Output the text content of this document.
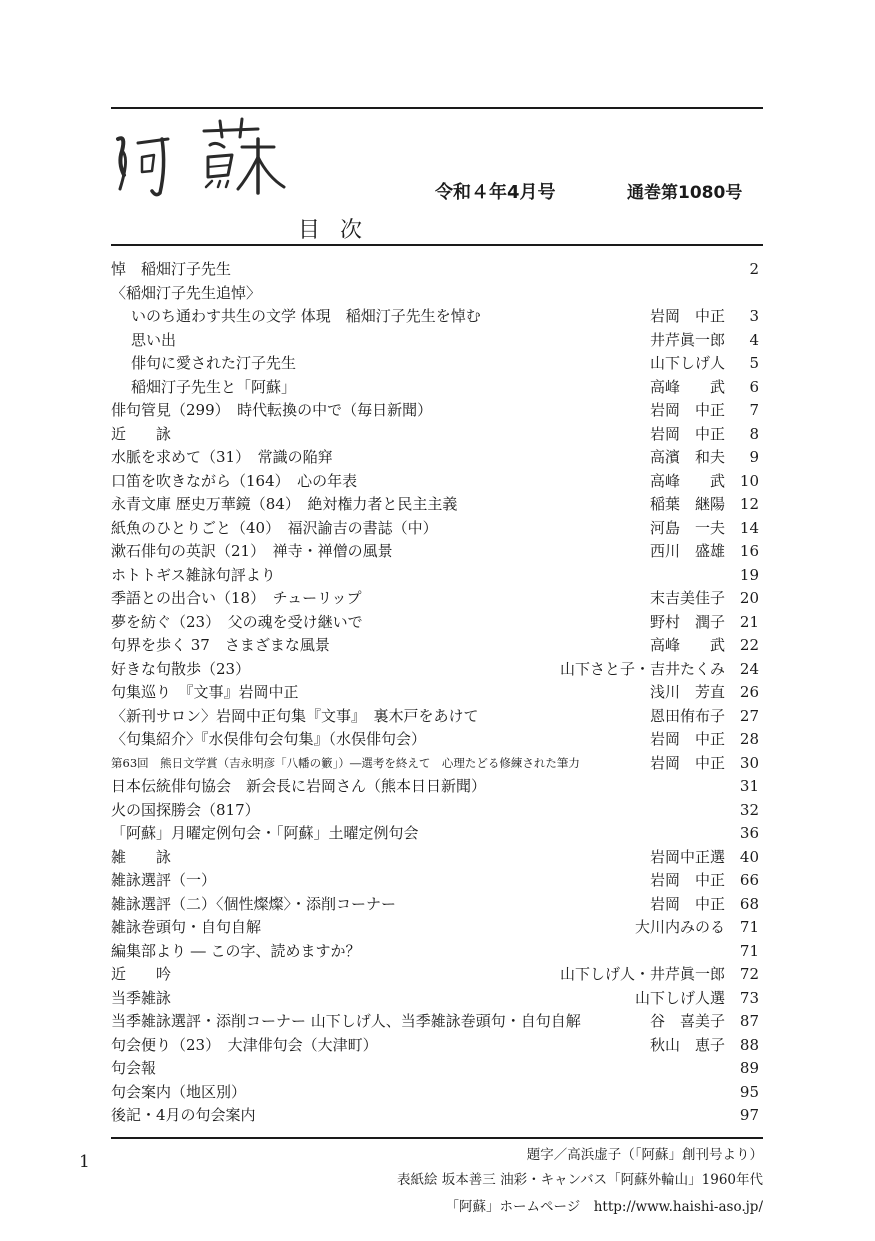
令和４年4月号	通巻第1080号
目次
悼　稲畑汀子先生	2
〈稲畑汀子先生追悼〉
いのち通わす共生の文学 体現　稲畑汀子先生を悼む	岩岡　中正	3
思い出	井芹眞一郎	4
俳句に愛された汀子先生	山下しげ人	5
稲畑汀子先生と「阿蘇」	高峰　　武	6
俳句管見（299）　時代転換の中で（毎日新聞）	岩岡　中正	7
近　　詠	岩岡　中正	8
水脈を求めて（31）　常識の陥穽	高濱　和夫	9
口笛を吹きながら（164）　心の年表	高峰　　武 10
永青文庫 歴史万華鏡（84）　絶対権力者と民主主義	稲葉　継陽 12
紙魚のひとりごと（40）　福沢諭吉の書誌（中）	河島　一夫 14
漱石俳句の英訳（21）　禅寺・禅僧の風景	西川　盛雄 16
ホトトギス雑詠句評より	19
季語との出合い（18）　チューリップ	末吉美佳子 20
夢を紡ぐ（23）　父の魂を受け継いで	野村　潤子 21
句界を歩く 37　さまざまな風景	高峰　　武 22
好きな句散歩（23）	山下さと子・吉井たくみ 24
句集巡り　『文事』岩岡中正	浅川　芳直 26
〈新刊サロン〉岩岡中正句集『文事』　裏木戸をあけて	恩田侑布子 27
〈句集紹介〉『水俣俳句会句集』（水俣俳句会）	岩岡　中正 28
第63回　熊日文学賞（吉永明彦「八幡の籔」）―選考を終えて　心理たどる修練された筆力	岩岡　中正 30
日本伝統俳句協会　新会長に岩岡さん（熊本日日新聞）	31
火の国探勝会（817）	32
「阿蘇」月曜定例句会・「阿蘇」土曜定例句会	36
雑　　詠	岩岡中正選 40
雑詠選評（一）	岩岡　中正 66
雑詠選評（二）〈個性燦燦〉・添削コーナー	岩岡　中正 68
雑詠巻頭句・自句自解	大川内みのる 71
編集部より ― この字、読めますか？	71
近　　吟	山下しげ人・井芹眞一郎 72
当季雑詠	山下しげ人選 73
当季雑詠選評・添削コーナー 山下しげ人、当季雑詠巻頭句・自句自解	谷　喜美子 87
句会便り（23）　大津俳句会（大津町）	秋山　恵子 88
句会報	89
句会案内（地区別）	95
後記・4月の句会案内	97
1	題字／高浜虚子（「阿蘇」創刊号より）
表紙絵 坂本善三 油彩・キャンバス「阿蘇外輪山」1960年代
「阿蘇」ホームページ　http://www.haishi-aso.jp/
